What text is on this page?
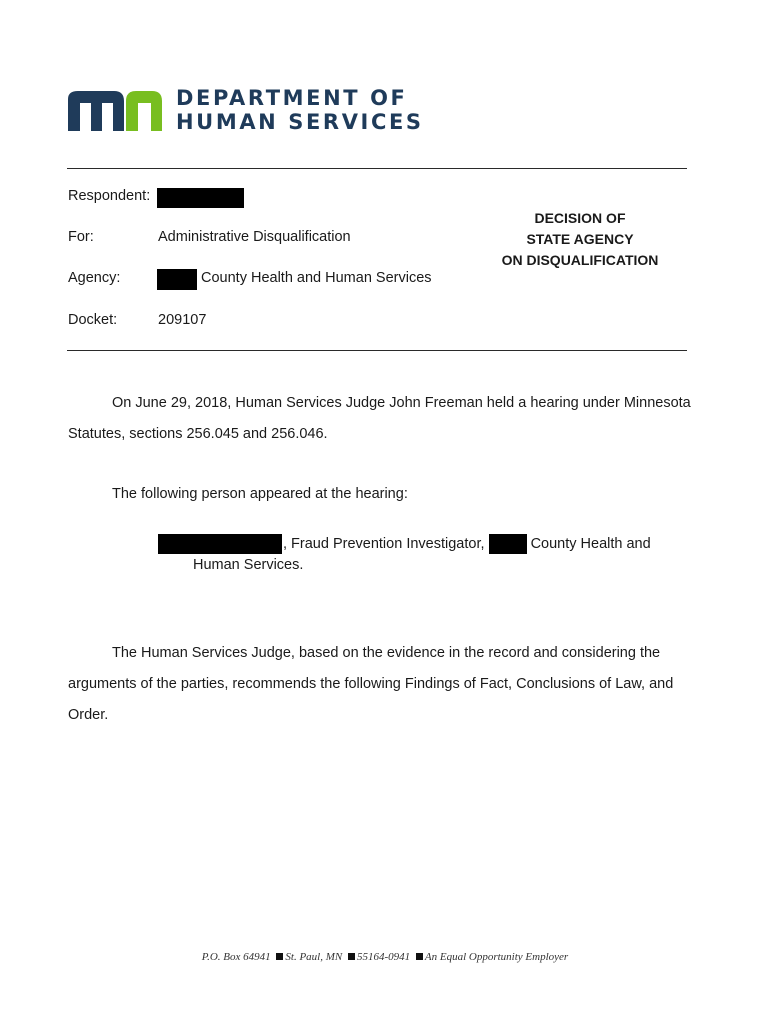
DEPARTMENT OF
HUMAN SERVICES
Respondent:
For:	Administrative Disqualification
Agency:	County Health and Human Services
Docket:	209107
DECISION OF
STATE AGENCY
ON DISQUALIFICATION
On June 29, 2018, Human Services Judge John Freeman held a hearing under Minnesota Statutes, sections 256.045 and 256.046.
The following person appeared at the hearing:
, Fraud Prevention Investigator,	County Health and
Human Services.
The Human Services Judge, based on the evidence in the record and considering the arguments of the parties, recommends the following Findings of Fact, Conclusions of Law, and Order.
P.O. Box 64941 St. Paul, MN 55164-0941 An Equal Opportunity Employer
